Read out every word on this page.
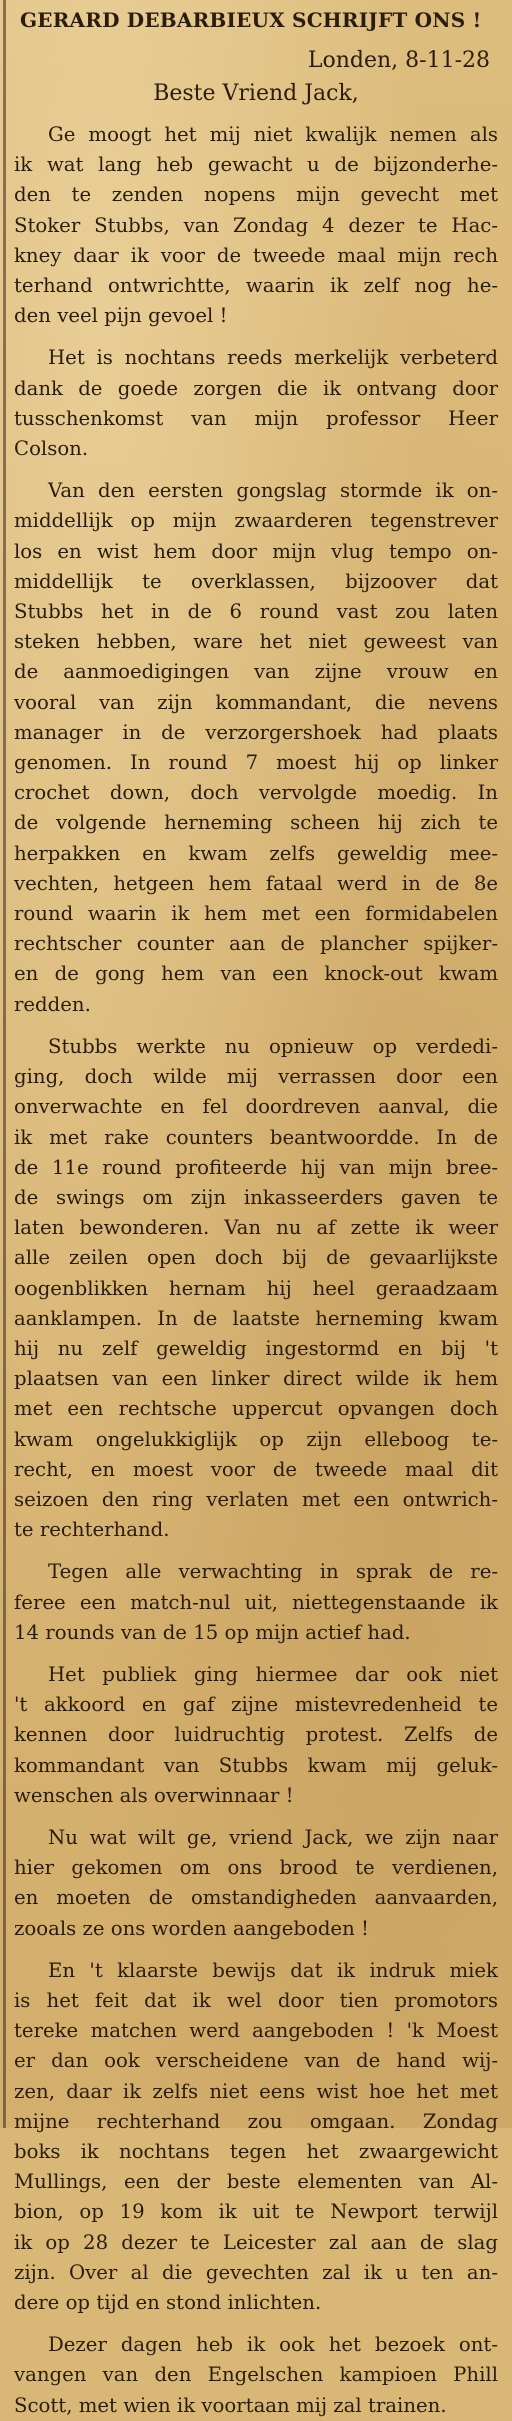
GERARD DEBARBIEUX SCHRIJFT ONS !
Londen, 8-11-28
Beste Vriend Jack,
Ge moogt het mij niet kwalijk nemen als
ik wat lang heb gewacht u de bijzonderhe-
den te zenden nopens mijn gevecht met
Stoker Stubbs, van Zondag 4 dezer te Hac-
kney daar ik voor de tweede maal mijn rech
terhand ontwrichtte, waarin ik zelf nog he-
den veel pijn gevoel !
Het is nochtans reeds merkelijk verbeterd
dank de goede zorgen die ik ontvang door
tusschenkomst van mijn professor Heer
Colson.
Van den eersten gongslag stormde ik on-
middellijk op mijn zwaarderen tegenstrever
los en wist hem door mijn vlug tempo on-
middellijk te overklassen, bijzoover dat
Stubbs het in de 6 round vast zou laten
steken hebben, ware het niet geweest van
de aanmoedigingen van zijne vrouw en
vooral van zijn kommandant, die nevens
manager in de verzorgershoek had plaats
genomen. In round 7 moest hij op linker
crochet down, doch vervolgde moedig. In
de volgende herneming scheen hij zich te
herpakken en kwam zelfs geweldig mee-
vechten, hetgeen hem fataal werd in de 8e
round waarin ik hem met een formidabelen
rechtscher counter aan de plancher spijker-
en de gong hem van een knock-out kwam
redden.
Stubbs werkte nu opnieuw op verdedi-
ging, doch wilde mij verrassen door een
onverwachte en fel doordreven aanval, die
ik met rake counters beantwoordde. In de
de 11e round profiteerde hij van mijn bree-
de swings om zijn inkasseerders gaven te
laten bewonderen. Van nu af zette ik weer
alle zeilen open doch bij de gevaarlijkste
oogenblikken hernam hij heel geraadzaam
aanklampen. In de laatste herneming kwam
hij nu zelf geweldig ingestormd en bij 't
plaatsen van een linker direct wilde ik hem
met een rechtsche uppercut opvangen doch
kwam ongelukkiglijk op zijn elleboog te-
recht, en moest voor de tweede maal dit
seizoen den ring verlaten met een ontwrich-
te rechterhand.
Tegen alle verwachting in sprak de re-
feree een match-nul uit, niettegenstaande ik
14 rounds van de 15 op mijn actief had.
Het publiek ging hiermee dar ook niet
't akkoord en gaf zijne mistevredenheid te
kennen door luidruchtig protest. Zelfs de
kommandant van Stubbs kwam mij geluk-
wenschen als overwinnaar !
Nu wat wilt ge, vriend Jack, we zijn naar
hier gekomen om ons brood te verdienen,
en moeten de omstandigheden aanvaarden,
zooals ze ons worden aangeboden !
En 't klaarste bewijs dat ik indruk miek
is het feit dat ik wel door tien promotors
tereke matchen werd aangeboden ! 'k Moest
er dan ook verscheidene van de hand wij-
zen, daar ik zelfs niet eens wist hoe het met
mijne rechterhand zou omgaan. Zondag
boks ik nochtans tegen het zwaargewicht
Mullings, een der beste elementen van Al-
bion, op 19 kom ik uit te Newport terwijl
ik op 28 dezer te Leicester zal aan de slag
zijn. Over al die gevechten zal ik u ten an-
dere op tijd en stond inlichten.
Dezer dagen heb ik ook het bezoek ont-
vangen van den Engelschen kampioen Phill
Scott, met wien ik voortaan mij zal trainen.
